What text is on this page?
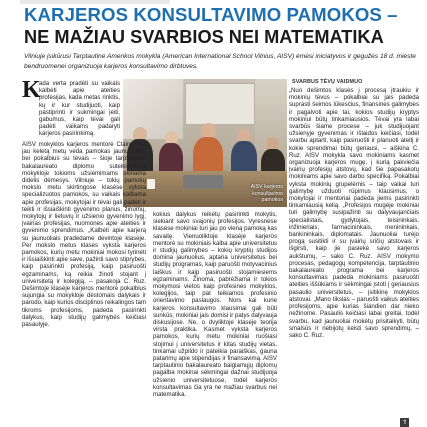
KARJEROS KONSULTAVIMO PAMOKOS –
NE MAŽIAU SVARBIOS NEI MATEMATIKA

Vilniuje įsikūrusi Tarptautinė Amerikos mokykla (American International School Vilnius, AISV) ėmėsi iniciatyvos ir gegužės 18 d. mieste bendruomenei organizuoja karjeros konsultavimo dirbtuves.

K

ada verta pradėti su vaikais kalbėti apie ateities profesijas, kada metas rinktis, kų ir kur studijuoti, kaip pastiprinti ir sukmingai įeiti, gabumus, kaip tėvai gali padėti vaikams padaryti karjeros pasirinkimą.

AISV karjeros konsultavimo pamokos

AISV mokyklos karjeros mentorė Claire Ruz jau keletą metų veda pamokas jaunuoliams bei pokalbius su tėvais – šioje tarptautinio bakalaureato diplomo suteikiančioje mokykloje tokioms užsiėmimams skiriama didelis dėmesys. Vilniuje – tokių pamokų mokslo metu skirtingose klasėse vyksta specializuotos pamokos, su vaikais kalbama apie profesijas, mokytojai ir tėvai gali padėti ir teikti ir išsiaiškinti gyvenimo planus, žinomų, mokytojų ir lietuvių ir užsienio gyvenimo lygį, įvairias profesijas, nuomones apie ateities ir gyvenimo sprendimus. „Kalbėti apie karjerą su jaunuoliais pradedame devintoje klasėje. Per mokslo metus klasės vyksta karjeros pamokos, kurių metu mokiniai mokosi tyrinėti ir išsiaiškinti apie save, pažinti savo stiprybes, kaip pasirinkti profesiją, kaip pasiruošti egzaminams, ką reikia žinoti stojant į universitetą ir kolegiją, – pasakoja C. Ruz. Dešimtoje klasėje karjeros mentorė pokalbius sujungia su mokykloje dėstomais dalykais ir parodo, kaip kurios disciplinos reikalingos tam tikroms profesijoms, padeda pasirinkti dalykus, kaip studijų galimybės keičiasi pasaulyje.

kokius dalykus reikėtų pasirinkti mokytis, siekiant savo svajonių profesijos. Vyresnėse klasėse mokiniai turi jau po vieną pamoką kas savaitę. Vienuoliktoje klasėje karjeros mentorė su mokiniais kalba apie universitetus ir studijų galimybes – kokių kryptių studijos domina jaunuolius, aptaria universitetus bei studijų programas, kaip paruošti motyvacinius laiškus ir kaip pasiruošti stojamiesiems egzaminams. Žinoma, pabrėžiama ir tokios mokymosi vietos kaip profesinės mokyklos, kolegijos, taip pat teikiamos profesinio orientavimo paslaugos. Nors kai kurie karjeros konsultavimo klausimai gali būti sunkūs, mokiniai jais domisi ir patys dalyvauja diskusijose. Ne, o dvyliktoje klasėje teorija virsta praktika. Kasmet vyksta karjeros pamokos, kurių metu mokiniai ruošiasi stojimui į universitetus ir kitas studijų vietas, tinkamai užpildo ir pateikia paraiškas, gauna patarimų apie stipendijas ir finansavimą. AISV tarptautinio bakalaureato baigiamųjų diplomų pagalba mokinai sėkmingai dažnai studijuoja užsienio universitetuose, todėl karjeros konsultavimas čia yra ne mažiau svarbus nei matematika.

SVARBUS TĖVŲ VAIDMUO

„Nuo dešimtos klasės į procesą įtraukiu ir mokinių tėvus – pokalbiai su jais padeda suprasti šeimos lūkesčius, finansines galimybes ir pagalvoti apie tai, kokios studijų kryptys mokiniui būtų tinkamiausios. Tėvai yra labai svarbūs šiame procese – juk studijuojant užsienyje gyvenimas ir išlaidos keičiasi, todėl svarbu aptarti, kaip pasiruošti ir planuoti ateitį ir kokie sprendimai būtų geriausi, – aiškina C. Ruz. AISV mokykla savo mokiniams kasmet organizuoja karjeros mugę, į kurią pakviečia įvairių profesijų atstovų, kad šie papasakotų mokiniams apie savo darbo specifiką. Pokalbiai vyksta mokinių grupelėmis – taip vaikai turi galimybę užduoti rūpimus klausimus, o mokytojai ir mentoriai padeda jiems pasirinkti tinkamiausią kelią. „Profesijos mugėje mokiniai turi galimybę susipažinti su dalyvaujančiais specialistais, gydytojais, teisininkais, inžinieriais, farmacininkais, menininkais, bankininkais, diplomatais. Jaunuoliai turėjo progą susitikti ir su įvairių sričių atstovais ir išgirsti, kaip jie pasiekė savo karjeros aukštumų, – sako C. Ruz. AISV mokymo procesas, pedagogų kompetencija, tarptautinio bakalaureato programa bei karjeros konsultavimas padeda mokiniams pasiruošti ateities iššūkiams ir sėkmingai įstoti į geriausius pasaulio universitetus, – įsitikinę mokyklos atstovai. „Mano tikslas – paruošti vaikus ateities profesijoms, apie kurias šiandien dar nieko nežinome. Pasaulis keičiasi labai greitai, todėl svarbu, kad jaunuoliai mokėtų prisitaikyti, būtų smalsūs ir nebijotų keisti savo sprendimų, – sako C. Ruz.

⇑
